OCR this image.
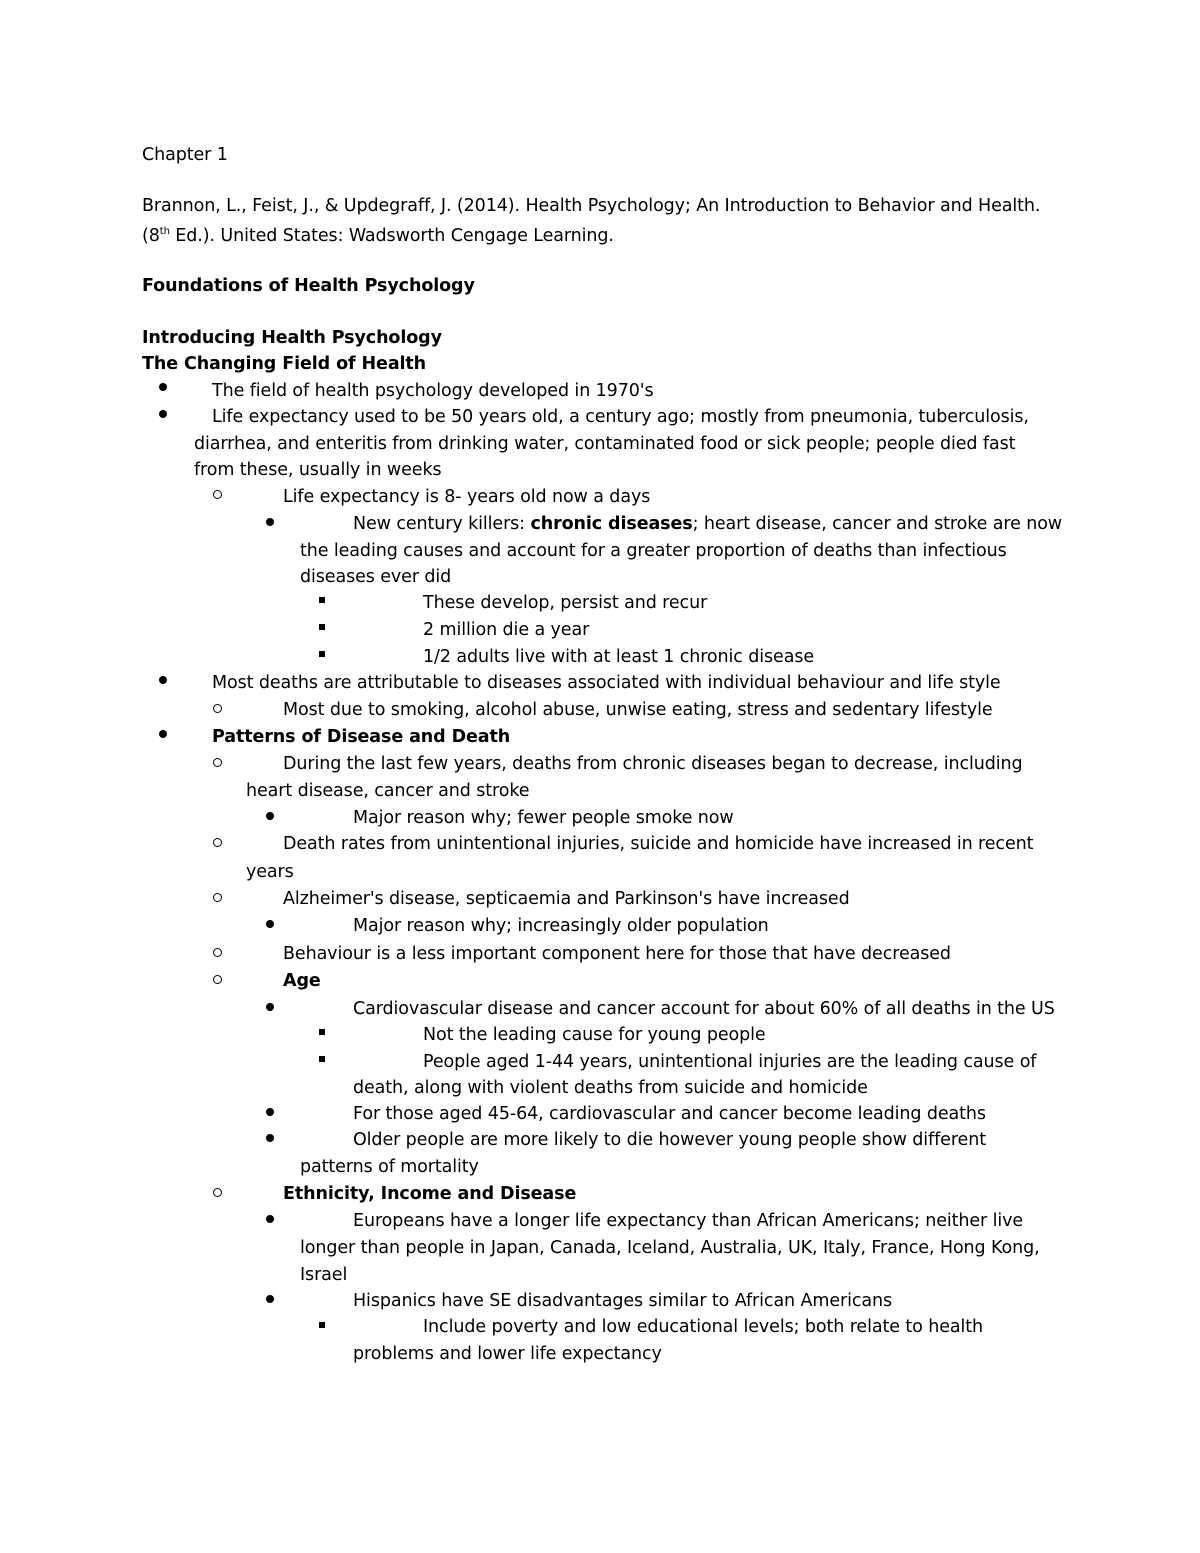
Chapter 1
Brannon, L., Feist, J., & Updegraff, J. (2014). Health Psychology; An Introduction to Behavior and Health.
(8th Ed.). United States: Wadsworth Cengage Learning.
Foundations of Health Psychology
Introducing Health Psychology
The Changing Field of Health
The field of health psychology developed in 1970's
Life expectancy used to be 50 years old, a century ago; mostly from pneumonia, tuberculosis,
diarrhea, and enteritis from drinking water, contaminated food or sick people; people died fast
from these, usually in weeks
Life expectancy is 8- years old now a days
New century killers: chronic diseases; heart disease, cancer and stroke are now
the leading causes and account for a greater proportion of deaths than infectious
diseases ever did
These develop, persist and recur
2 million die a year
1/2 adults live with at least 1 chronic disease
Most deaths are attributable to diseases associated with individual behaviour and life style
Most due to smoking, alcohol abuse, unwise eating, stress and sedentary lifestyle
Patterns of Disease and Death
During the last few years, deaths from chronic diseases began to decrease, including
heart disease, cancer and stroke
Major reason why; fewer people smoke now
Death rates from unintentional injuries, suicide and homicide have increased in recent
years
Alzheimer's disease, septicaemia and Parkinson's have increased
Major reason why; increasingly older population
Behaviour is a less important component here for those that have decreased
Age
Cardiovascular disease and cancer account for about 60% of all deaths in the US
Not the leading cause for young people
People aged 1-44 years, unintentional injuries are the leading cause of
death, along with violent deaths from suicide and homicide
For those aged 45-64, cardiovascular and cancer become leading deaths
Older people are more likely to die however young people show different
patterns of mortality
Ethnicity, Income and Disease
Europeans have a longer life expectancy than African Americans; neither live
longer than people in Japan, Canada, Iceland, Australia, UK, Italy, France, Hong Kong,
Israel
Hispanics have SE disadvantages similar to African Americans
Include poverty and low educational levels; both relate to health
problems and lower life expectancy
